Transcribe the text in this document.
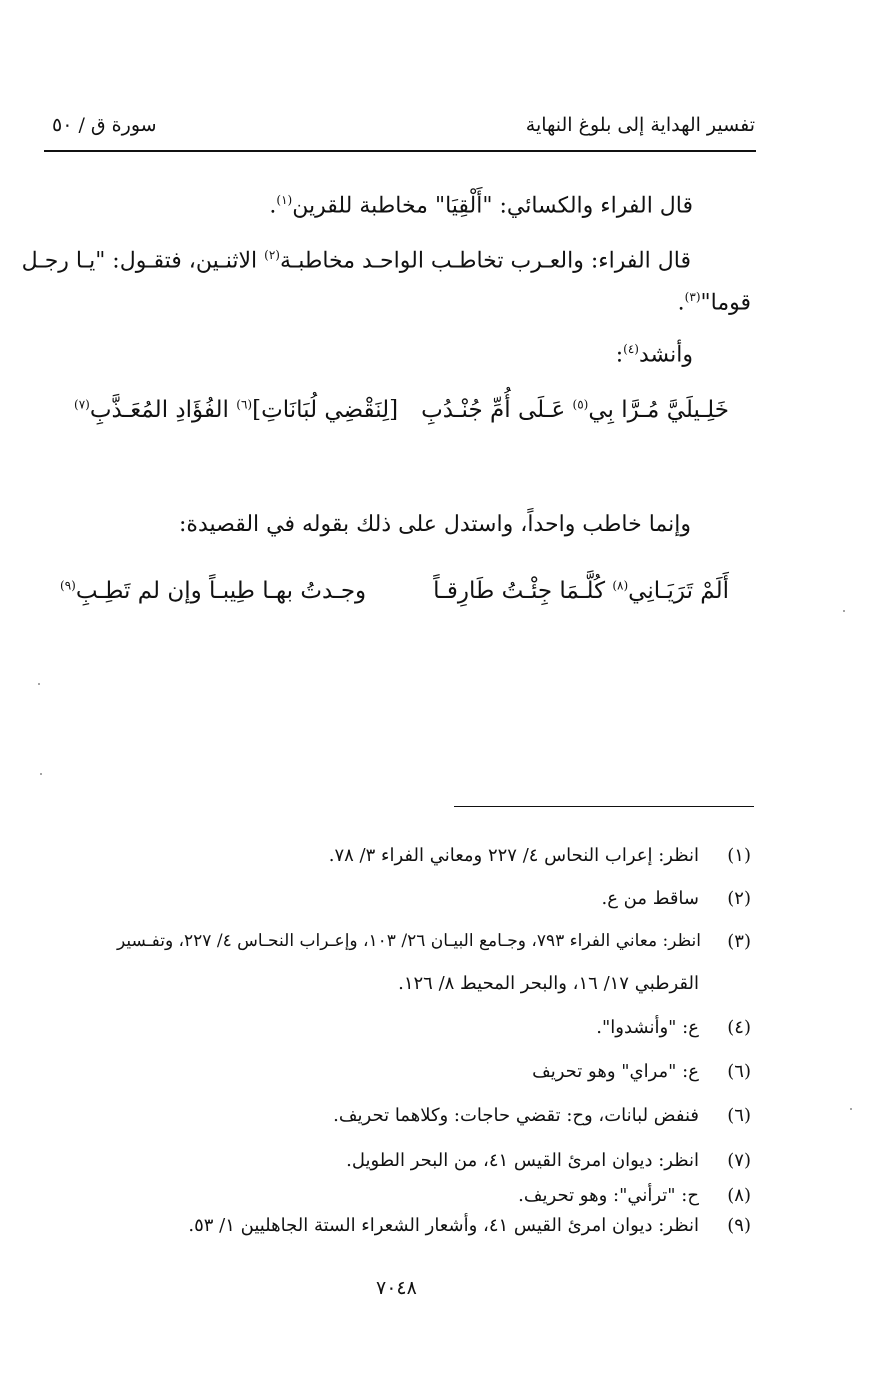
تفسير الهداية إلى بلوغ النهاية
سورة ق / ٥٠
قال الفراء والكسائي: "أَلْقِيَا" مخاطبة للقرين$^{(١)}$.
قال الفراء: والعـرب تخاطـب الواحـد مخاطبـة$^{(٢)}$ الاثنـين، فتقـول: "يـا رجـل
قوما"$^{(٣)}$.
وأنشد$^{(٤)}$:
خَلِـيلَيَّ مُـرَّا بِي$^{(٥)}$ عَـلَى أُمِّ جُنْـدُبِ
[لِنَقْضِي لُبَانَاتِ]$^{(٦)}$ الفُؤَادِ المُعَـذَّبِ$^{(٧)}$
وإنما خاطب واحداً، واستدل على ذلك بقوله في القصيدة:
أَلَمْ تَرَيَـانِي$^{(٨)}$ كُلَّـمَا جِئْـتُ طَارِقـاً
وجـدتُ بهـا طِيبـاً وإن لم تَطِـبِ$^{(٩)}$
(١)
انظر: إعراب النحاس ٤/ ٢٢٧ ومعاني الفراء ٣/ ٧٨.
(٢)
ساقط من ع.
(٣)
انظر: معاني الفراء ٧٩٣، وجـامع البيـان ٢٦/ ١٠٣، وإعـراب النحـاس ٤/ ٢٢٧، وتفـسير
القرطبي ١٧/ ١٦، والبحر المحيط ٨/ ١٢٦.
(٤)
ع: "وأنشدوا".
(٦)
ع: "مراي" وهو تحريف
(٦)
فنفض لبانات، وح: تقضي حاجات: وكلاهما تحريف.
(٧)
انظر: ديوان امرئ القيس ٤١، من البحر الطويل.
(٨)
ح: "ترأني": وهو تحريف.
(٩)
انظر: ديوان امرئ القيس ٤١، وأشعار الشعراء الستة الجاهليين ١/ ٥٣.
٧٠٤٨
